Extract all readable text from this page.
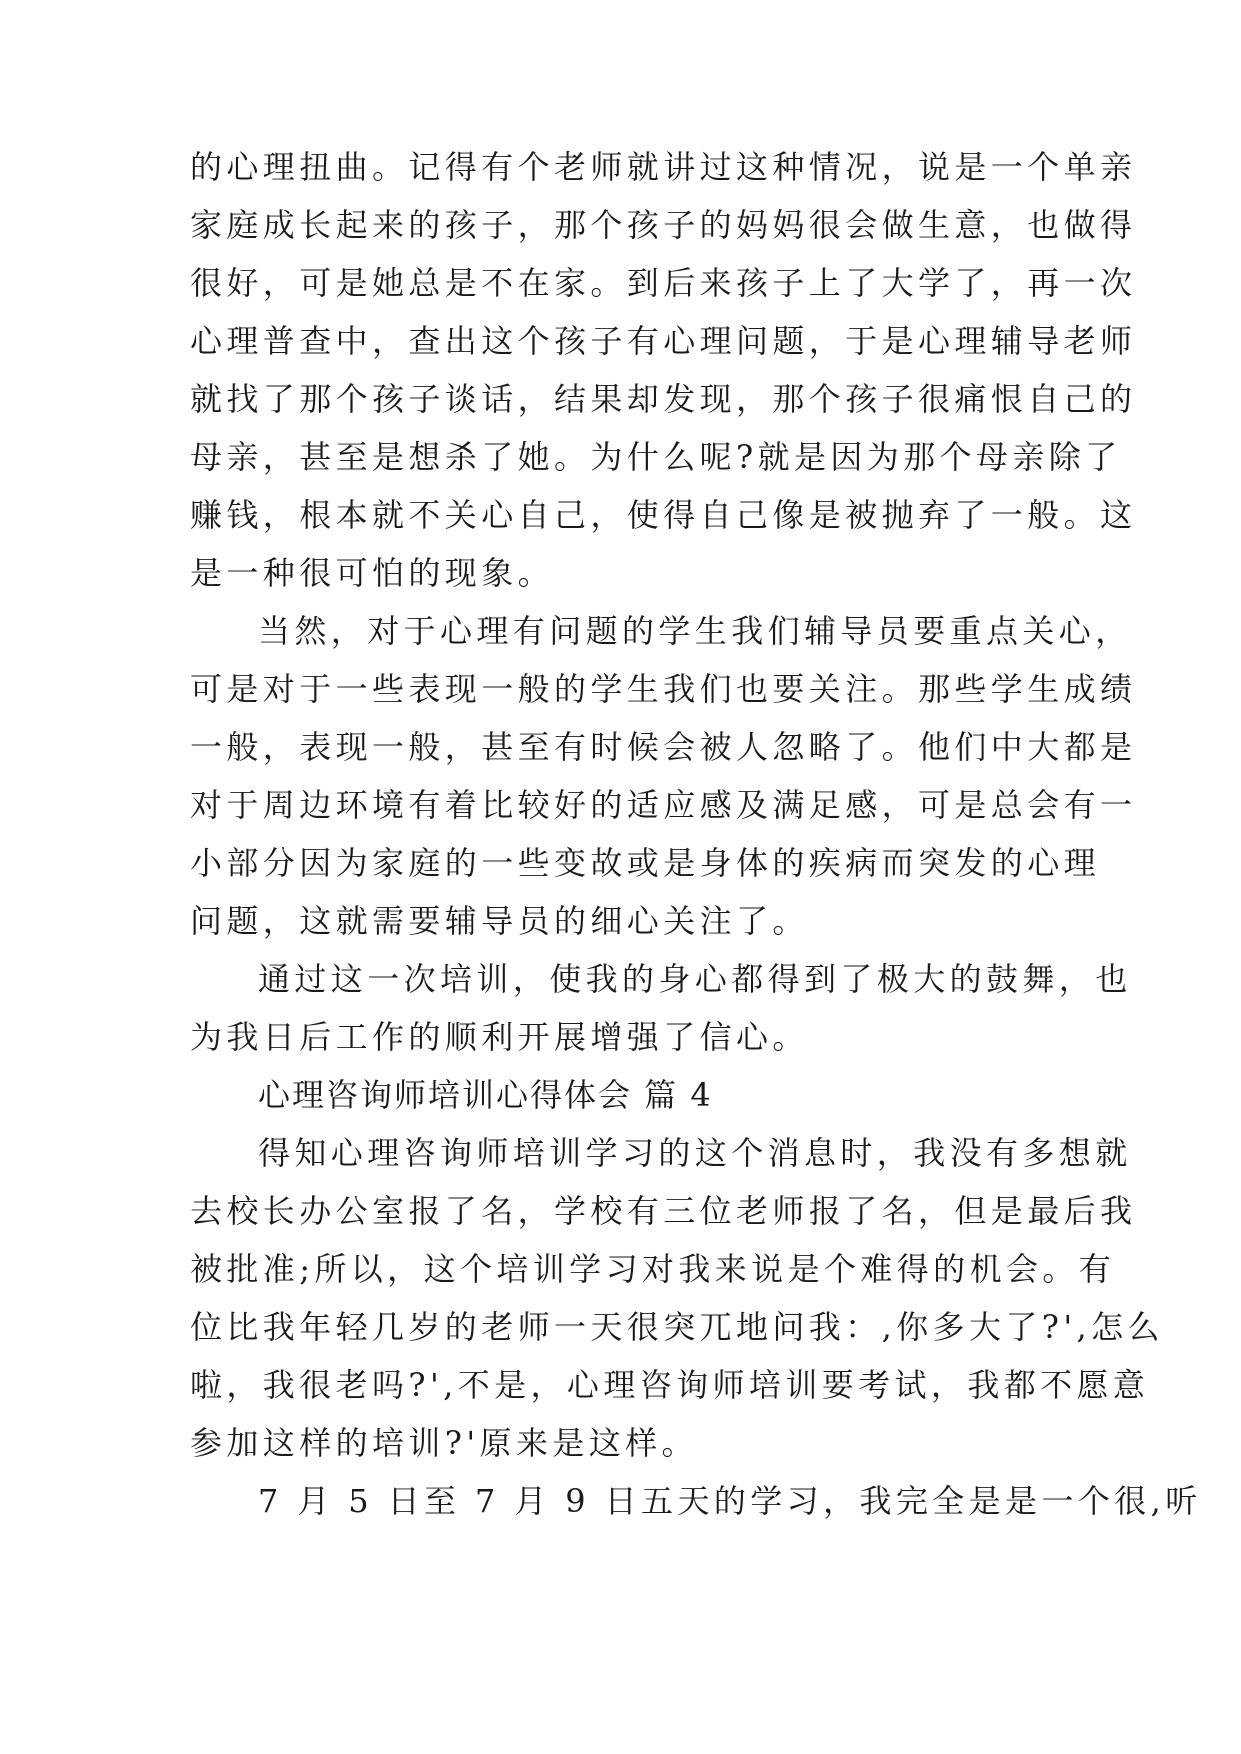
的心理扭曲。记得有个老师就讲过这种情况，说是一个单亲
家庭成长起来的孩子，那个孩子的妈妈很会做生意，也做得
很好，可是她总是不在家。到后来孩子上了大学了，再一次
心理普查中，查出这个孩子有心理问题，于是心理辅导老师
就找了那个孩子谈话，结果却发现，那个孩子很痛恨自己的
母亲，甚至是想杀了她。为什么呢?就是因为那个母亲除了
赚钱，根本就不关心自己，使得自己像是被抛弃了一般。这
是一种很可怕的现象。
当然，对于心理有问题的学生我们辅导员要重点关心，
可是对于一些表现一般的学生我们也要关注。那些学生成绩
一般，表现一般，甚至有时候会被人忽略了。他们中大都是
对于周边环境有着比较好的适应感及满足感，可是总会有一
小部分因为家庭的一些变故或是身体的疾病而突发的心理
问题，这就需要辅导员的细心关注了。
通过这一次培训，使我的身心都得到了极大的鼓舞，也
为我日后工作的顺利开展增强了信心。
心理咨询师培训心得体会 篇 4
得知心理咨询师培训学习的这个消息时，我没有多想就
去校长办公室报了名，学校有三位老师报了名，但是最后我
被批准;所以，这个培训学习对我来说是个难得的机会。有
位比我年轻几岁的老师一天很突兀地问我：,你多大了?',怎么
啦，我很老吗?',不是，心理咨询师培训要考试，我都不愿意
参加这样的培训?'原来是这样。
7 月 5 日至 7 月 9 日五天的学习，我完全是是一个很,听
